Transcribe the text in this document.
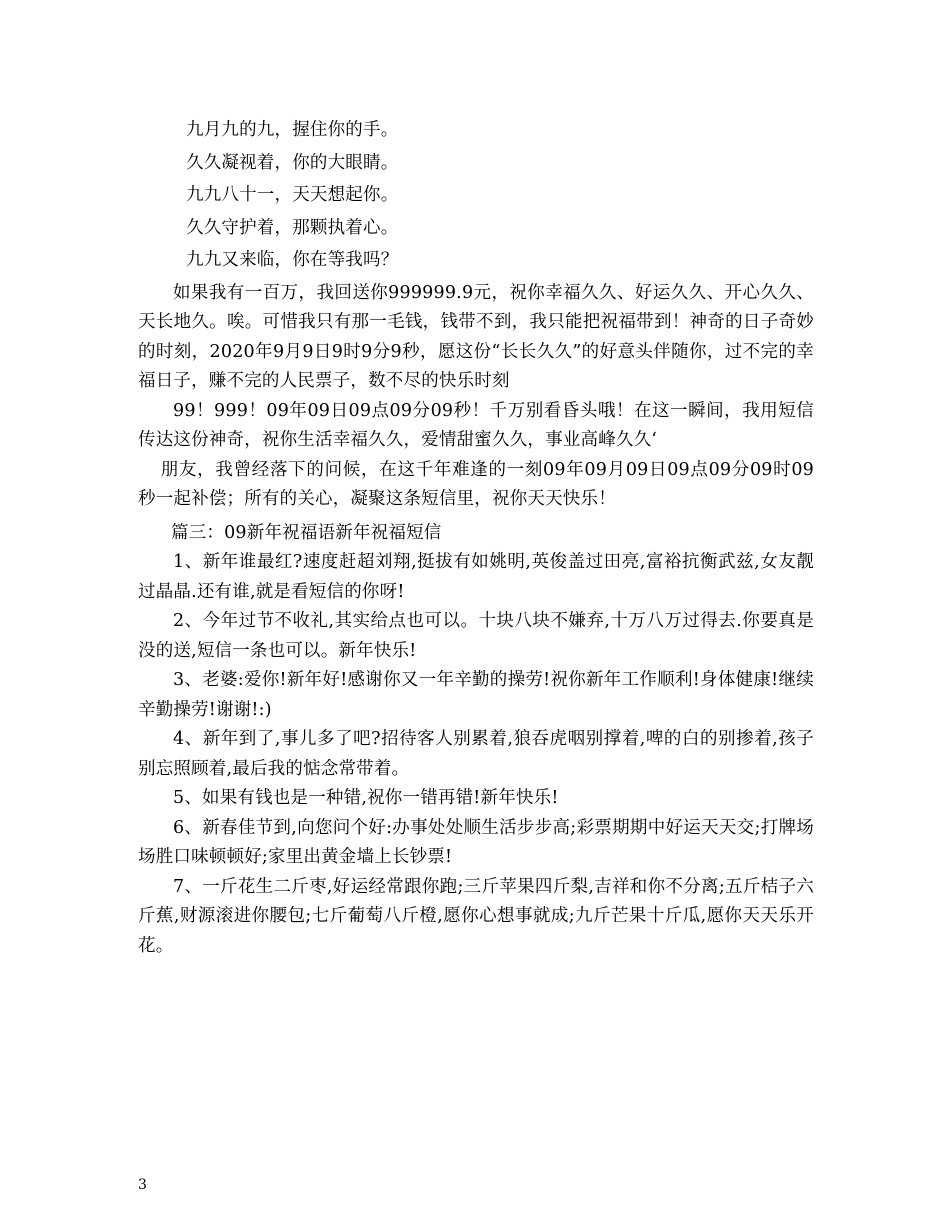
九月九的九，握住你的手。

久久凝视着，你的大眼睛。

九九八十一，天天想起你。

久久守护着，那颗执着心。

九九又来临，你在等我吗？

如果我有一百万，我回送你999999.9元，祝你幸福久久、好运久久、开心久久、天长地久。唉。可惜我只有那一毛钱，钱带不到，我只能把祝福带到！神奇的日子奇妙的时刻，2020年9月9日9时9分9秒，愿这份“长长久久”的好意头伴随你，过不完的幸福日子，赚不完的人民票子，数不尽的快乐时刻

99！999！09年09日09点09分09秒！千万别看昏头哦！在这一瞬间，我用短信传达这份神奇，祝你生活幸福久久，爱情甜蜜久久，事业高峰久久‘

朋友，我曾经落下的问候，在这千年难逢的一刻09年09月09日09点09分09时09秒一起补偿；所有的关心，凝聚这条短信里，祝你天天快乐！

篇三：09新年祝福语新年祝福短信

1、新年谁最红?速度赶超刘翔,挺拔有如姚明,英俊盖过田亮,富裕抗衡武兹,女友靓过晶晶.还有谁,就是看短信的你呀!

2、今年过节不收礼,其实给点也可以。十块八块不嫌弃,十万八万过得去.你要真是没的送,短信一条也可以。新年快乐!

3、老婆:爱你!新年好!感谢你又一年辛勤的操劳!祝你新年工作顺利!身体健康!继续辛勤操劳!谢谢!:)

4、新年到了,事儿多了吧?招待客人别累着,狼吞虎咽别撑着,啤的白的别掺着,孩子别忘照顾着,最后我的惦念常带着。

5、如果有钱也是一种错,祝你一错再错!新年快乐!

6、新春佳节到,向您问个好:办事处处顺生活步步高;彩票期期中好运天天交;打牌场场胜口味顿顿好;家里出黄金墙上长钞票!

7、一斤花生二斤枣,好运经常跟你跑;三斤苹果四斤梨,吉祥和你不分离;五斤桔子六斤蕉,财源滚进你腰包;七斤葡萄八斤橙,愿你心想事就成;九斤芒果十斤瓜,愿你天天乐开花。

3
